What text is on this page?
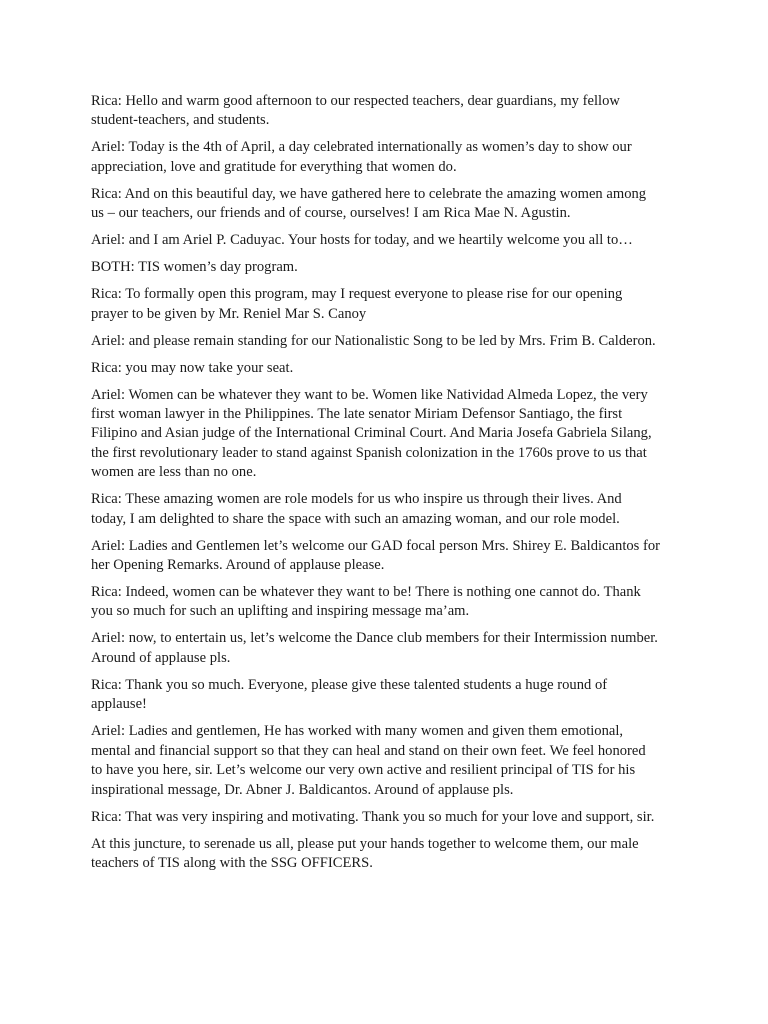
Rica: Hello and warm good afternoon to our respected teachers, dear guardians, my fellow
student-teachers, and students.

Ariel: Today is the 4th of April, a day celebrated internationally as women’s day to show our
appreciation, love and gratitude for everything that women do.

Rica: And on this beautiful day, we have gathered here to celebrate the amazing women among
us – our teachers, our friends and of course, ourselves! I am Rica Mae N. Agustin.

Ariel: and I am Ariel P. Caduyac. Your hosts for today, and we heartily welcome you all to…

BOTH: TIS women’s day program.

Rica: To formally open this program, may I request everyone to please rise for our opening
prayer to be given by Mr. Reniel Mar S. Canoy

Ariel: and please remain standing for our Nationalistic Song to be led by Mrs. Frim B. Calderon.

Rica: you may now take your seat.

Ariel: Women can be whatever they want to be. Women like Natividad Almeda Lopez, the very
first woman lawyer in the Philippines. The late senator Miriam Defensor Santiago, the first
Filipino and Asian judge of the International Criminal Court. And Maria Josefa Gabriela Silang,
the first revolutionary leader to stand against Spanish colonization in the 1760s prove to us that
women are less than no one.

Rica: These amazing women are role models for us who inspire us through their lives. And
today, I am delighted to share the space with such an amazing woman, and our role model.

Ariel: Ladies and Gentlemen let’s welcome our GAD focal person Mrs. Shirey E. Baldicantos for
her Opening Remarks. Around of applause please.

Rica: Indeed, women can be whatever they want to be! There is nothing one cannot do. Thank
you so much for such an uplifting and inspiring message ma’am.

Ariel: now, to entertain us, let’s welcome the Dance club members for their Intermission number.
Around of applause pls.

Rica: Thank you so much. Everyone, please give these talented students a huge round of
applause!

Ariel: Ladies and gentlemen, He has worked with many women and given them emotional,
mental and financial support so that they can heal and stand on their own feet. We feel honored
to have you here, sir. Let’s welcome our very own active and resilient principal of TIS for his
inspirational message, Dr. Abner J. Baldicantos. Around of applause pls.

Rica: That was very inspiring and motivating. Thank you so much for your love and support, sir.

At this juncture, to serenade us all, please put your hands together to welcome them, our male
teachers of TIS along with the SSG OFFICERS.
